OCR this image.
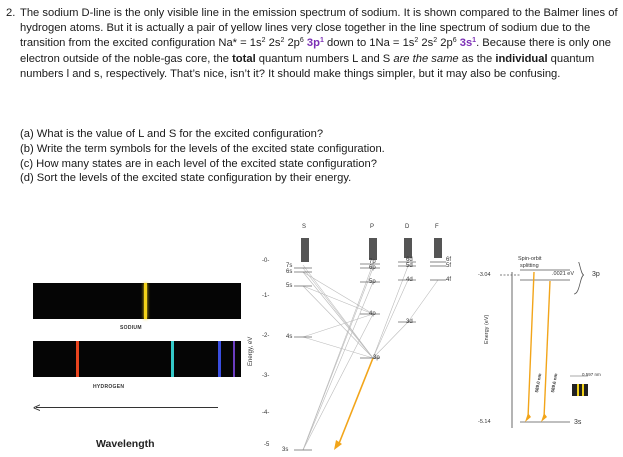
2. The sodium D-line is the only visible line in the emission spectrum of sodium. It is shown compared to the Balmer lines of hydrogen atoms. But it is actually a pair of yellow lines very close together in the line spectrum of sodium due to the transition from the excited configuration $Na* = 1s^2$ $2s^2$ $2p^6$ $3p^1$ down to $1Na = 1s^2$ $2s^2$ $2p^6$ $3s^1$. Because there is only one electron outside of the noble-gas core, the total quantum numbers L and S are the same as the individual quantum numbers l and s, respectively. That’s nice, isn’t it? It should make things simpler, but it may also be confusing.
(a) What is the value of L and S for the excited configuration?
(b) Write the term symbols for the levels of the excited state configuration.
(c) How many states are in each level of the excited state configuration?
(d) Sort the levels of the excited state configuration by their energy.
SODIUM
HYDROGEN
<
Wavelength
Energy, eV
-0-
-1-
-2-
-3-
-4-
-5
S	P	D	F
7s
6s
5s
4s
3s
7p
6p
5p
4p
3p
6d
5d
4d
3d
6f
5f
4f
Energy (eV)
-3.04
Spin-orbit
splitting
.0021 eV	3p
-5.14	3s
589.0 nm 589.6 nm	0.597 nm
